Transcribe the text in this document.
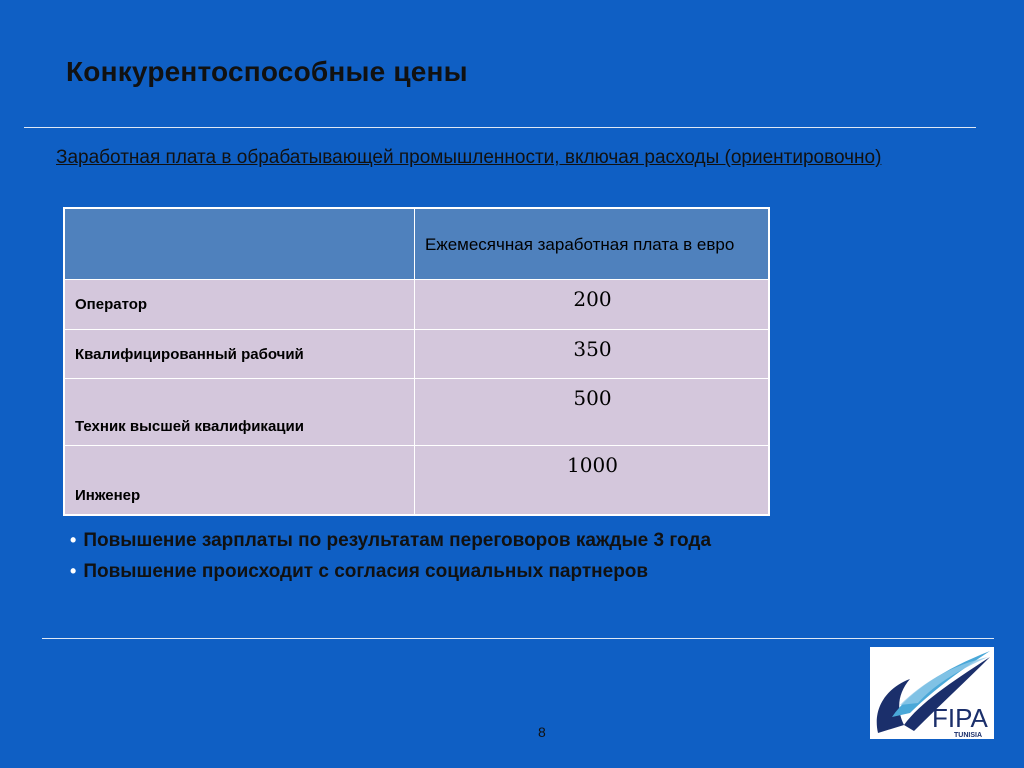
Конкурентоспособные цены
Заработная плата в обрабатывающей промышленности, включая расходы (ориентировочно)
	Ежемесячная заработная плата в евро
Оператор	200
Квалифицированный рабочий	350
Техник высшей квалификации	500
Инженер	1000
• Повышение зарплаты по результатам переговоров каждые 3 года
• Повышение происходит с согласия социальных партнеров
8	FIPA
TUNISIA
